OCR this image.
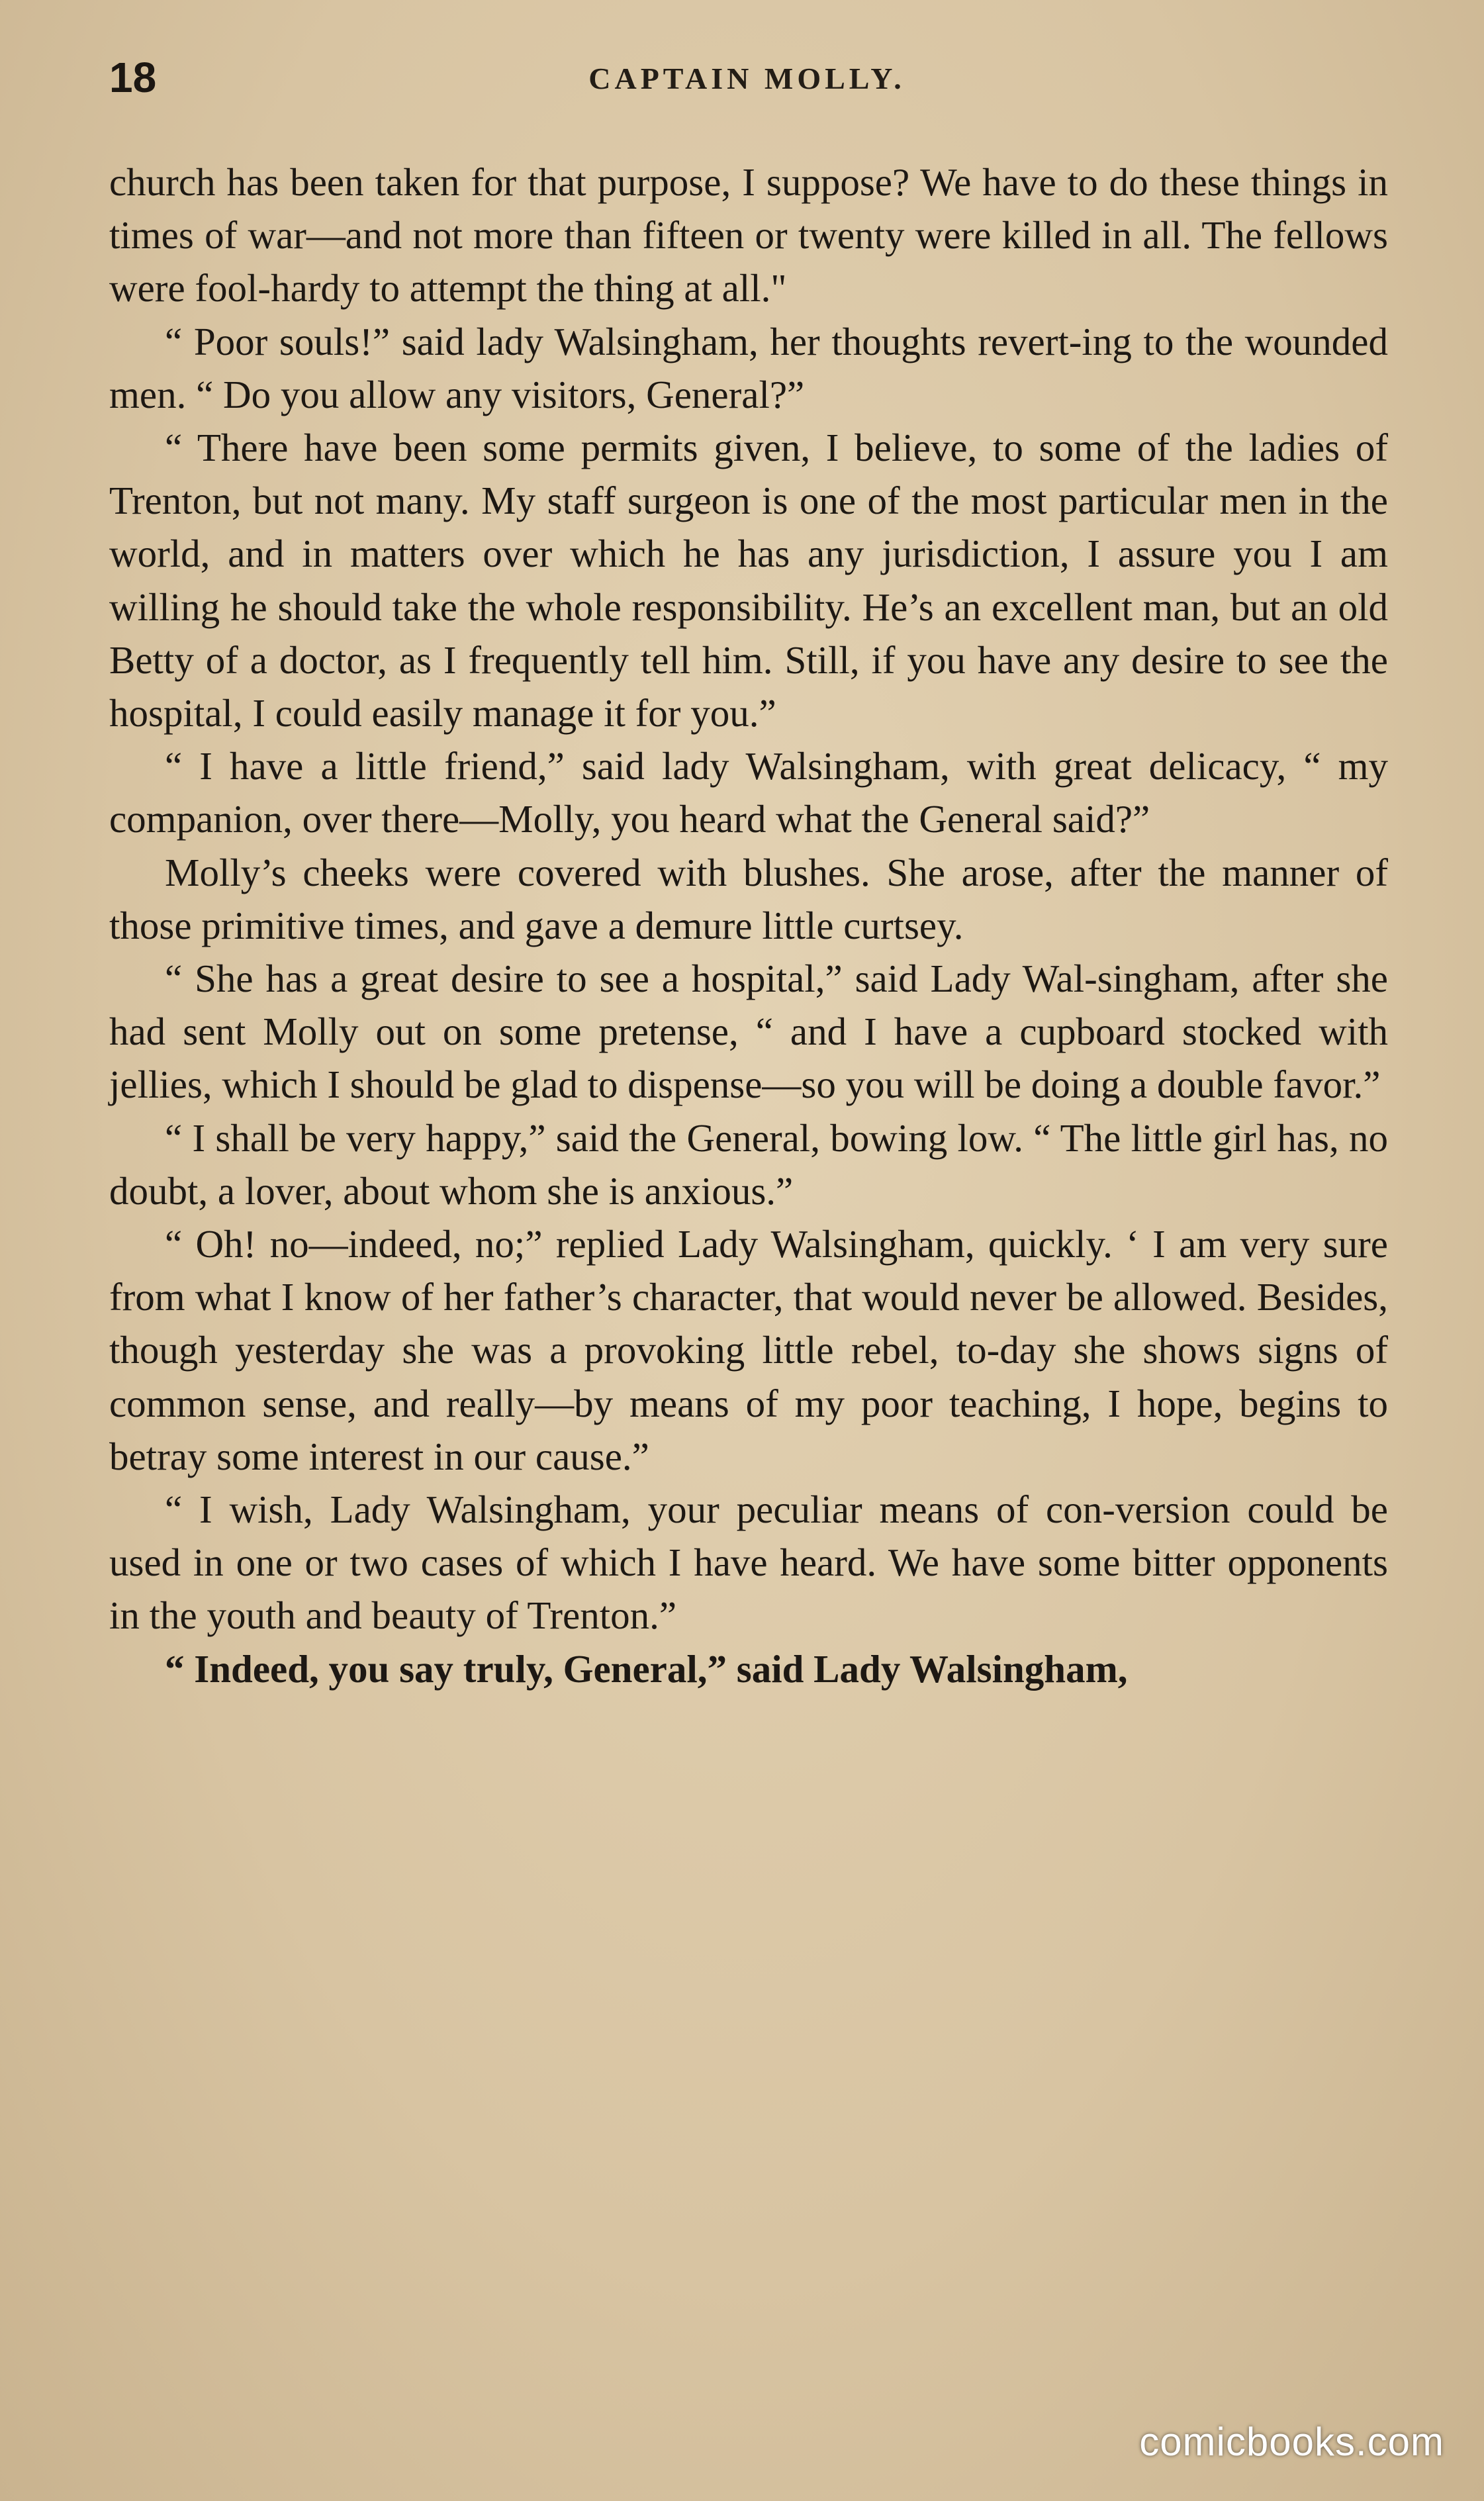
18	CAPTAIN MOLLY.

church has been taken for that purpose, I suppose? We have to do these things in times of war—and not more than fifteen or twenty were killed in all. The fellows were fool-hardy to attempt the thing at all."

“ Poor souls!” said lady Walsingham, her thoughts revert-ing to the wounded men. “ Do you allow any visitors, General?”

“ There have been some permits given, I believe, to some of the ladies of Trenton, but not many. My staff surgeon is one of the most particular men in the world, and in matters over which he has any jurisdiction, I assure you I am willing he should take the whole responsibility. He’s an excellent man, but an old Betty of a doctor, as I frequently tell him. Still, if you have any desire to see the hospital, I could easily manage it for you.”

“ I have a little friend,” said lady Walsingham, with great delicacy, “ my companion, over there—Molly, you heard what the General said?”

Molly’s cheeks were covered with blushes. She arose, after the manner of those primitive times, and gave a demure little curtsey.

“ She has a great desire to see a hospital,” said Lady Wal-singham, after she had sent Molly out on some pretense, “ and I have a cupboard stocked with jellies, which I should be glad to dispense—so you will be doing a double favor.”

“ I shall be very happy,” said the General, bowing low. “ The little girl has, no doubt, a lover, about whom she is anxious.”

“ Oh! no—indeed, no;” replied Lady Walsingham, quickly. ‘ I am very sure from what I know of her father’s character, that would never be allowed. Besides, though yesterday she was a provoking little rebel, to-day she shows signs of common sense, and really—by means of my poor teaching, I hope, begins to betray some interest in our cause.”

“ I wish, Lady Walsingham, your peculiar means of con-version could be used in one or two cases of which I have heard. We have some bitter opponents in the youth and beauty of Trenton.”

“ Indeed, you say truly, General,” said Lady Walsingham,

comicbooks.com
